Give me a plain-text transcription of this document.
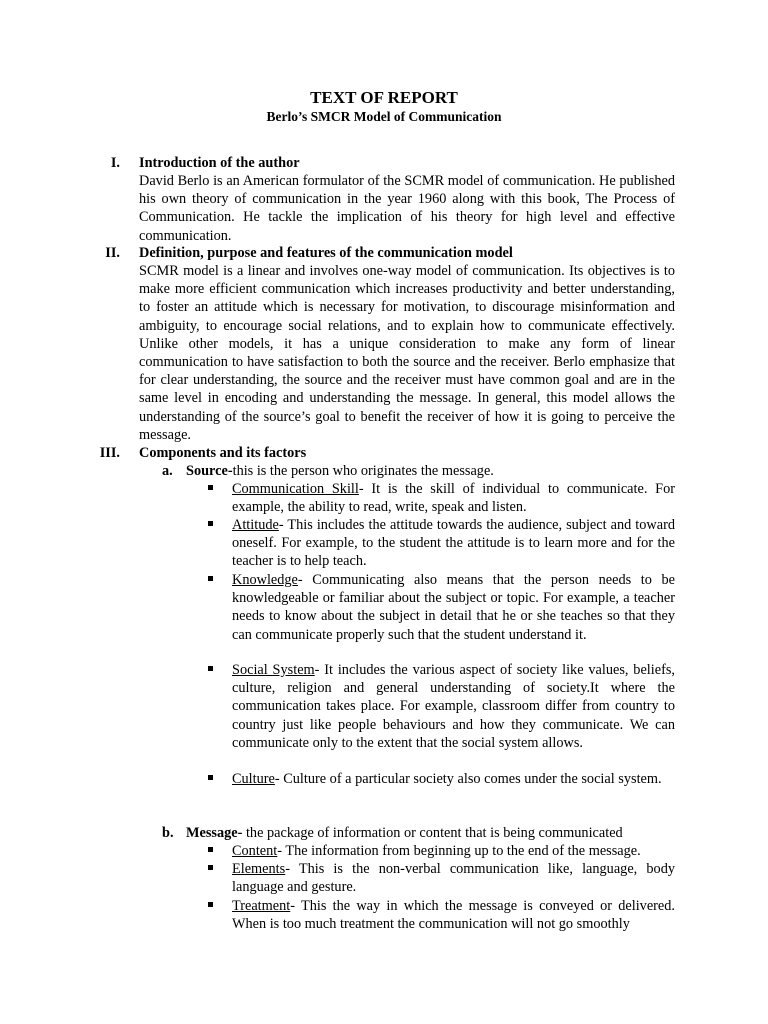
TEXT OF REPORT
Berlo’s SMCR Model of Communication
I. Introduction of the author
David Berlo is an American formulator of the SCMR model of communication. He published his own theory of communication in the year 1960 along with this book, The Process of Communication. He tackle the implication of his theory for high level and effective communication.
II. Definition, purpose and features of the communication model
SCMR model is a linear and involves one-way model of communication. Its objectives is to make more efficient communication which increases productivity and better understanding, to foster an attitude which is necessary for motivation, to discourage misinformation and ambiguity, to encourage social relations, and to explain how to communicate effectively. Unlike other models, it has a unique consideration to make any form of linear communication to have satisfaction to both the source and the receiver. Berlo emphasize that for clear understanding, the source and the receiver must have common goal and are in the same level in encoding and understanding the message. In general, this model allows the understanding of the source’s goal to benefit the receiver of how it is going to perceive the message.
III. Components and its factors
a. Source-this is the person who originates the message.
Communication Skill- It is the skill of individual to communicate. For example, the ability to read, write, speak and listen.
Attitude- This includes the attitude towards the audience, subject and toward oneself. For example, to the student the attitude is to learn more and for the teacher is to help teach.
Knowledge- Communicating also means that the person needs to be knowledgeable or familiar about the subject or topic. For example, a teacher needs to know about the subject in detail that he or she teaches so that they can communicate properly such that the student understand it.
Social System- It includes the various aspect of society like values, beliefs, culture, religion and general understanding of society.It where the communication takes place. For example, classroom differ from country to country just like people behaviours and how they communicate. We can communicate only to the extent that the social system allows.
Culture- Culture of a particular society also comes under the social system.
b. Message- the package of information or content that is being communicated
Content- The information from beginning up to the end of the message.
Elements- This is the non-verbal communication like, language, body language and gesture.
Treatment- This the way in which the message is conveyed or delivered. When is too much treatment the communication will not go smoothly
